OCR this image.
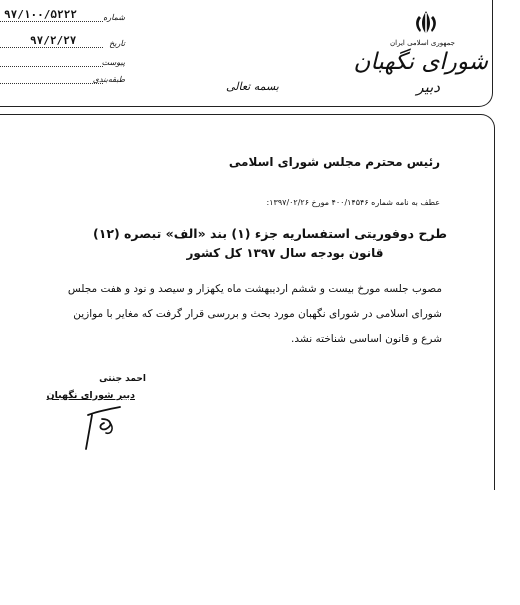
جمهوری اسلامی ایران
شورای نگهبان
دبیر
بسمه تعالی
۹۷/۱۰۰/۵۲۲۲	شماره
۹۷/۲/۲۷	تاریخ
پیوست
طبقه‌بندی
رئیس محترم مجلس شورای اسلامی
عطف به نامه شماره ۴۰۰/۱۴۵۴۶ مورخ ۱۳۹۷/۰۲/۲۶:
طرح دوفوریتی استفساریه جزء (۱) بند «الف» تبصره (۱۲)
قانون بودجه سال ۱۳۹۷ کل کشور
مصوب جلسه مورخ بیست و ششم اردیبهشت ماه یکهزار و سیصد و نود و هفت مجلس
شورای اسلامی در شورای نگهبان مورد بحث و بررسی قرار گرفت که مغایر با موازین
شرع و قانون اساسی شناخته نشد.
احمد جنتی
دبیر شورای نگهبان
